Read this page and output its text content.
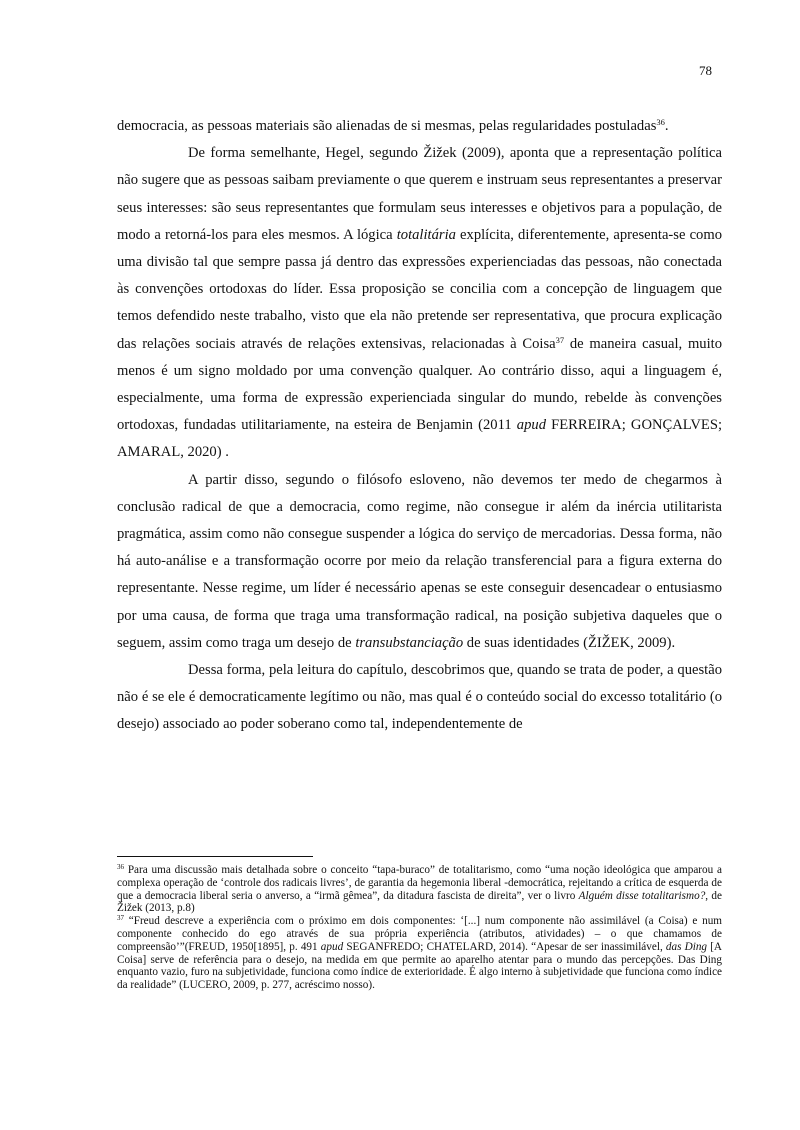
78

democracia, as pessoas materiais são alienadas de si mesmas, pelas regularidades postuladas$^{36}$.

De forma semelhante, Hegel, segundo Žižek (2009), aponta que a representação política não sugere que as pessoas saibam previamente o que querem e instruam seus representantes a preservar seus interesses: são seus representantes que formulam seus interesses e objetivos para a população, de modo a retorná-los para eles mesmos. A lógica totalitária explícita, diferentemente, apresenta-se como uma divisão tal que sempre passa já dentro das expressões experienciadas das pessoas, não conectada às convenções ortodoxas do líder. Essa proposição se concilia com a concepção de linguagem que temos defendido neste trabalho, visto que ela não pretende ser representativa, que procura explicação das relações sociais através de relações extensivas, relacionadas à Coisa$^{37}$ de maneira casual, muito menos é um signo moldado por uma convenção qualquer. Ao contrário disso, aqui a linguagem é, especialmente, uma forma de expressão experienciada singular do mundo, rebelde às convenções ortodoxas, fundadas utilitariamente, na esteira de Benjamin (2011 apud FERREIRA; GONÇALVES; AMARAL, 2020) .

A partir disso, segundo o filósofo esloveno, não devemos ter medo de chegarmos à conclusão radical de que a democracia, como regime, não consegue ir além da inércia utilitarista pragmática, assim como não consegue suspender a lógica do serviço de mercadorias. Dessa forma, não há auto-análise e a transformação ocorre por meio da relação transferencial para a figura externa do representante. Nesse regime, um líder é necessário apenas se este conseguir desencadear o entusiasmo por uma causa, de forma que traga uma transformação radical, na posição subjetiva daqueles que o seguem, assim como traga um desejo de transubstanciação de suas identidades (ŽIŽEK, 2009).

Dessa forma, pela leitura do capítulo, descobrimos que, quando se trata de poder, a questão não é se ele é democraticamente legítimo ou não, mas qual é o conteúdo social do excesso totalitário (o desejo) associado ao poder soberano como tal, independentemente de

$^{36}$ Para uma discussão mais detalhada sobre o conceito “tapa-buraco” de totalitarismo, como “uma noção ideológica que amparou a complexa operação de ‘controle dos radicais livres’, de garantia da hegemonia liberal -democrática, rejeitando a crítica de esquerda de que a democracia liberal seria o anverso, a “irmã gêmea”, da ditadura fascista de direita”, ver o livro Alguém disse totalitarismo?, de Žižek (2013, p.8)

$^{37}$ “Freud descreve a experiência com o próximo em dois componentes: ‘[...] num componente não assimilável (a Coisa) e num componente conhecido do ego através de sua própria experiência (atributos, atividades) – o que chamamos de compreensão’”(FREUD, 1950[1895], p. 491 apud SEGANFREDO; CHATELARD, 2014). “Apesar de ser inassimilável, das Ding [A Coisa] serve de referência para o desejo, na medida em que permite ao aparelho atentar para o mundo das percepções. Das Ding enquanto vazio, furo na subjetividade, funciona como índice de exterioridade. É algo interno à subjetividade que funciona como índice da realidade” (LUCERO, 2009, p. 277, acréscimo nosso).
